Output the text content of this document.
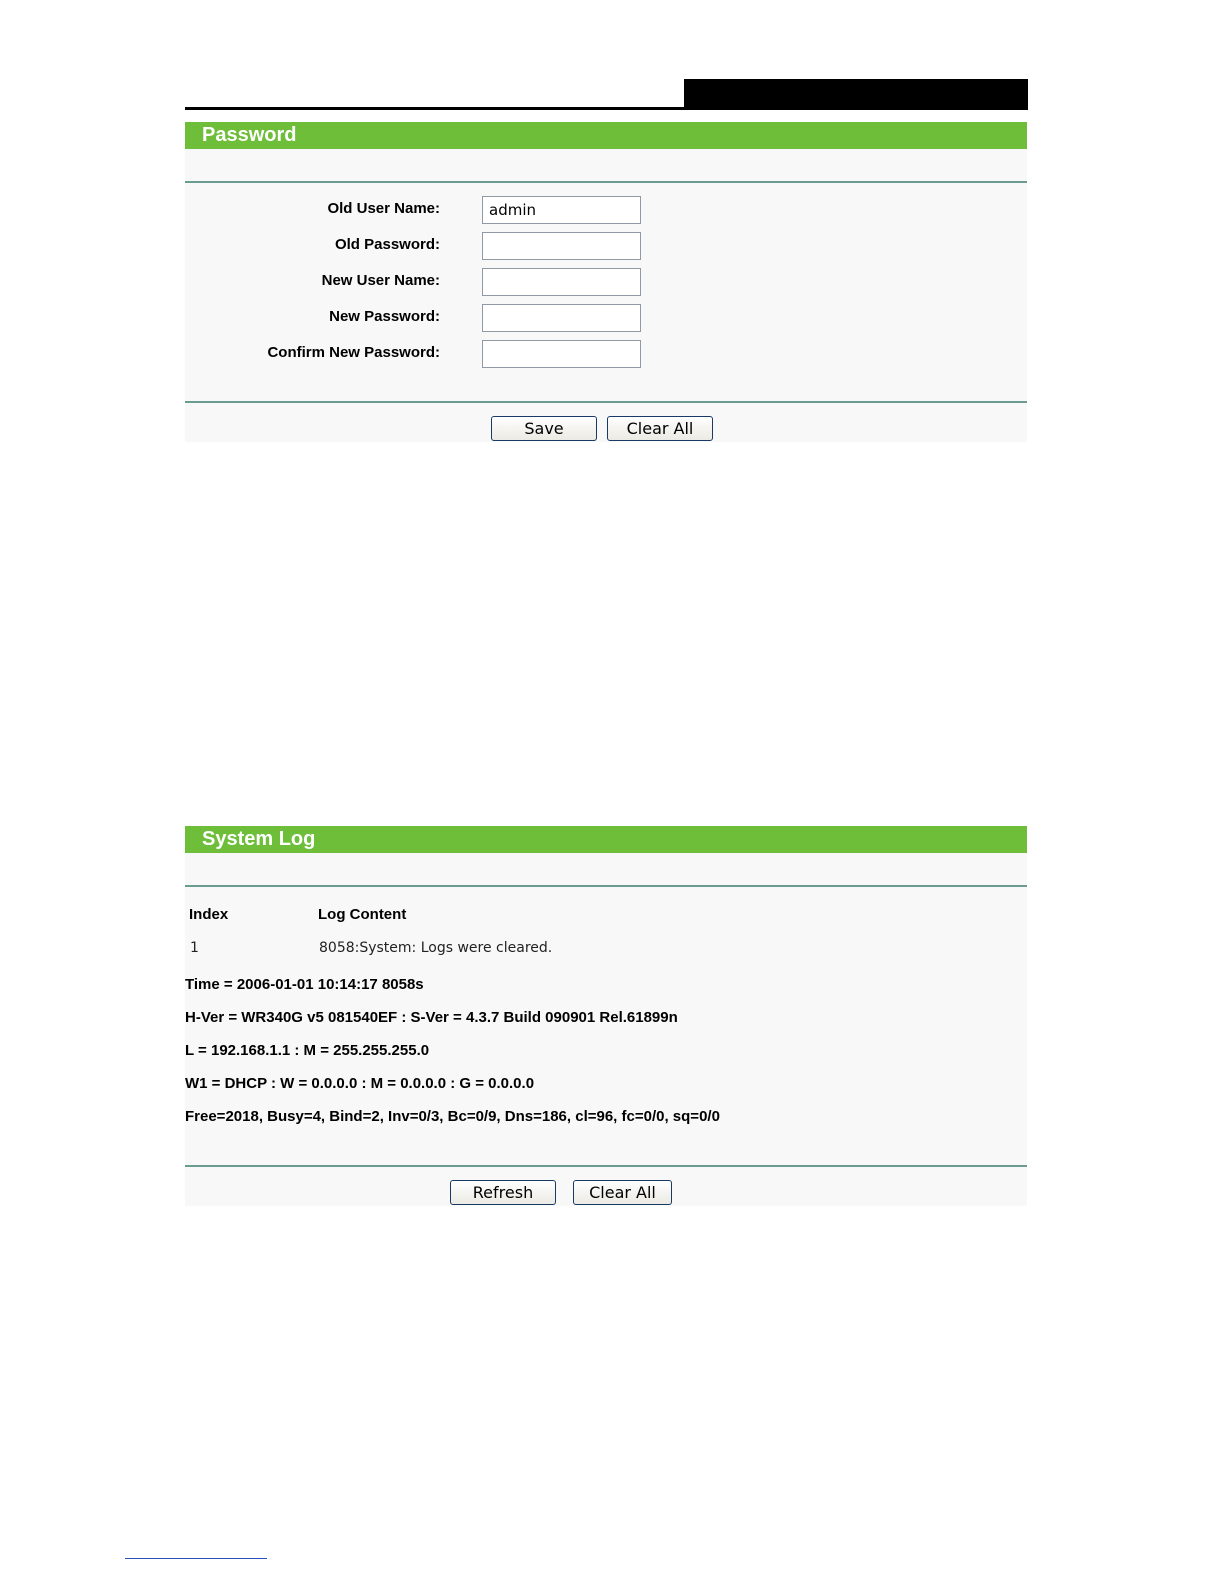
Password
Old User Name:
admin
Old Password:
New User Name:
New Password:
Confirm New Password:
Save	Clear All
System Log
Index	Log Content
1	8058:System: Logs were cleared.
Time = 2006-01-01 10:14:17 8058s
H-Ver = WR340G v5 081540EF : S-Ver = 4.3.7 Build 090901 Rel.61899n
L = 192.168.1.1 : M = 255.255.255.0
W1 = DHCP : W = 0.0.0.0 : M = 0.0.0.0 : G = 0.0.0.0
Free=2018, Busy=4, Bind=2, Inv=0/3, Bc=0/9, Dns=186, cl=96, fc=0/0, sq=0/0
Refresh	Clear All
